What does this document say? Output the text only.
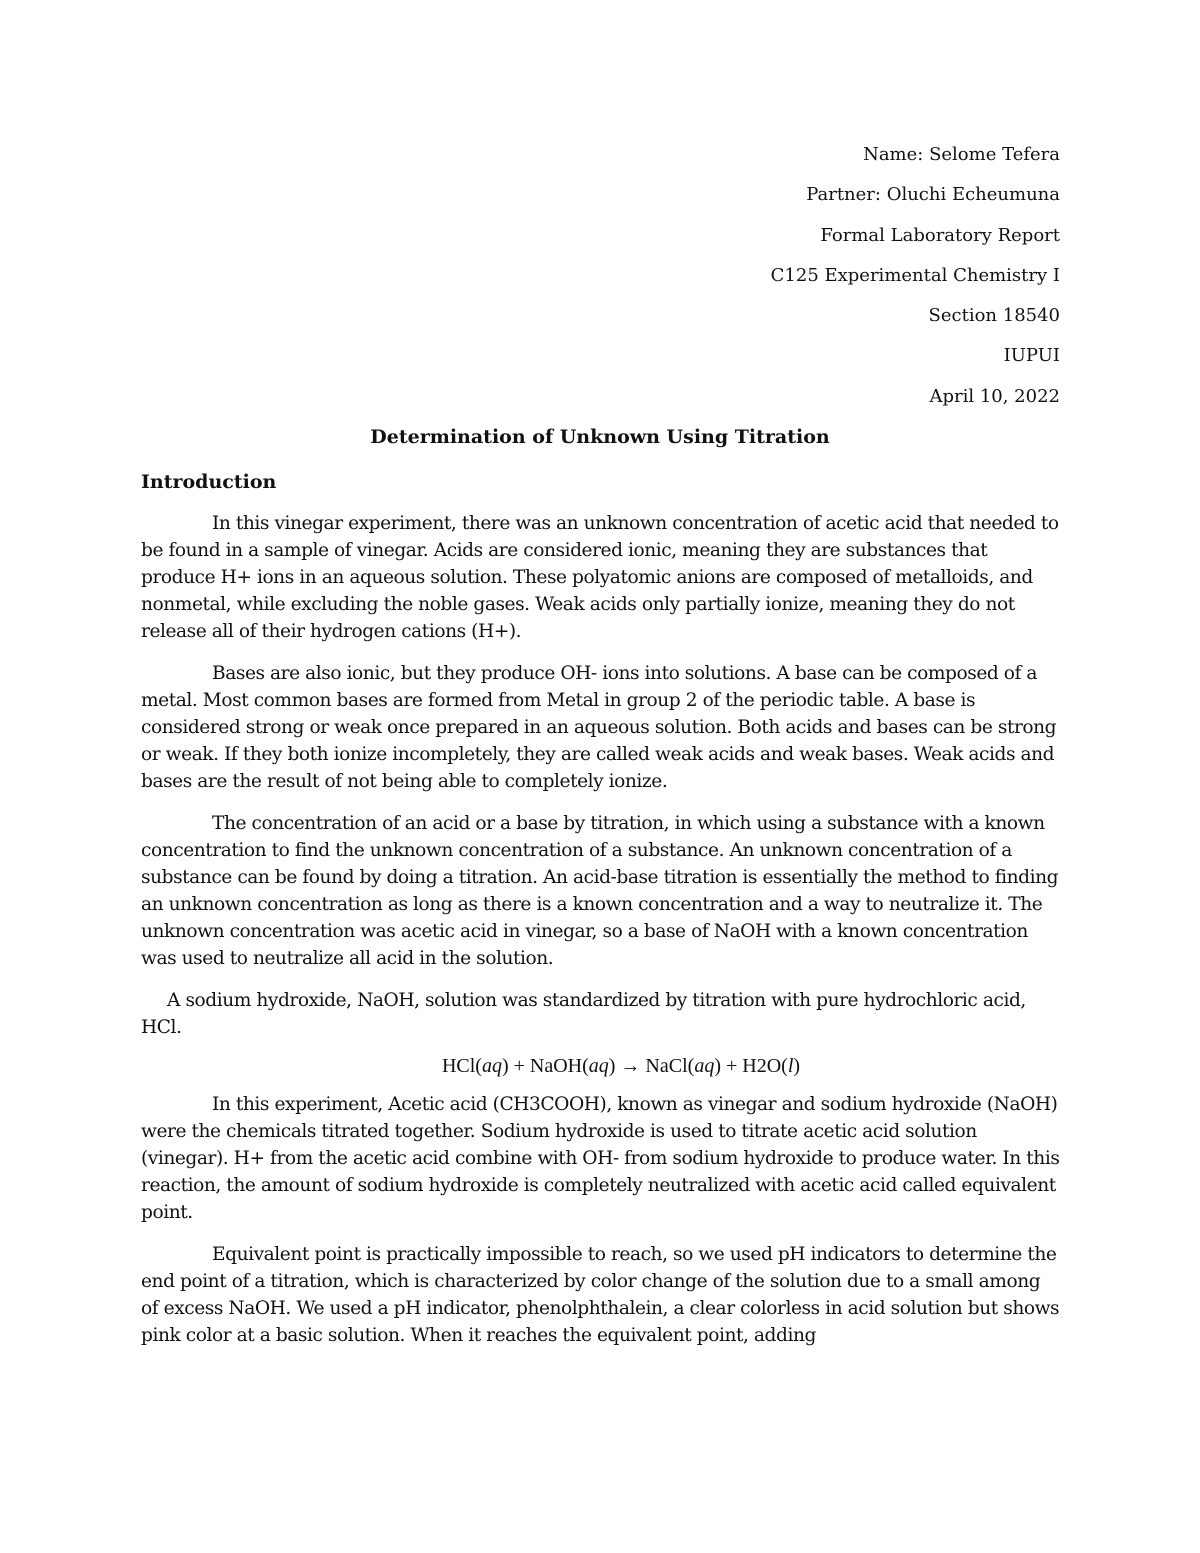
Name: Selome Tefera
Partner: Oluchi Echeumuna
Formal Laboratory Report
C125 Experimental Chemistry I
Section 18540
IUPUI
April 10, 2022
Determination of Unknown Using Titration
Introduction

In this vinegar experiment, there was an unknown concentration of acetic acid that needed to be found in a sample of vinegar. Acids are considered ionic, meaning they are substances that produce H+ ions in an aqueous solution. These polyatomic anions are composed of metalloids, and nonmetal, while excluding the noble gases. Weak acids only partially ionize, meaning they do not release all of their hydrogen cations (H+).

Bases are also ionic, but they produce OH- ions into solutions. A base can be composed of a metal. Most common bases are formed from Metal in group 2 of the periodic table. A base is considered strong or weak once prepared in an aqueous solution. Both acids and bases can be strong or weak. If they both ionize incompletely, they are called weak acids and weak bases. Weak acids and bases are the result of not being able to completely ionize.

The concentration of an acid or a base by titration, in which using a substance with a known concentration to find the unknown concentration of a substance. An unknown concentration of a substance can be found by doing a titration. An acid-base titration is essentially the method to finding an unknown concentration as long as there is a known concentration and a way to neutralize it. The unknown concentration was acetic acid in vinegar, so a base of NaOH with a known concentration was used to neutralize all acid in the solution.

A sodium hydroxide, NaOH, solution was standardized by titration with pure hydrochloric acid, HCl.

HCl(aq) + NaOH(aq) → NaCl(aq) + H2O(l)

In this experiment, Acetic acid (CH3COOH), known as vinegar and sodium hydroxide (NaOH) were the chemicals titrated together. Sodium hydroxide is used to titrate acetic acid solution (vinegar). H+ from the acetic acid combine with OH- from sodium hydroxide to produce water. In this reaction, the amount of sodium hydroxide is completely neutralized with acetic acid called equivalent point.

Equivalent point is practically impossible to reach, so we used pH indicators to determine the end point of a titration, which is characterized by color change of the solution due to a small among of excess NaOH. We used a pH indicator, phenolphthalein, a clear colorless in acid solution but shows pink color at a basic solution. When it reaches the equivalent point, adding
